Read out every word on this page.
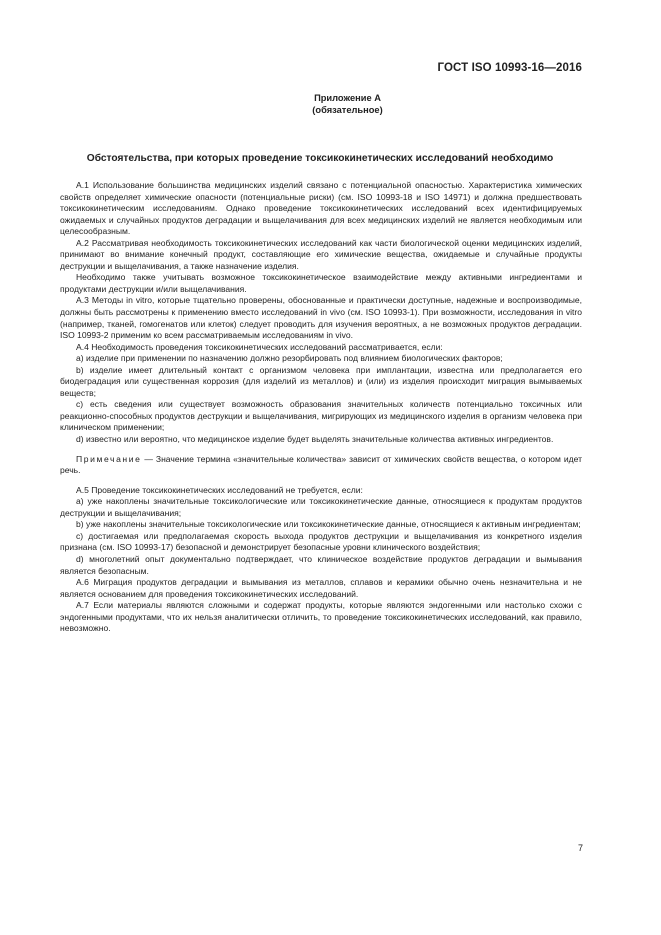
ГОСТ ISO 10993-16—2016
Приложение А
(обязательное)
Обстоятельства, при которых проведение токсикокинетических исследований необходимо

А.1 Использование большинства медицинских изделий связано с потенциальной опасностью. Характеристика химических свойств определяет химические опасности (потенциальные риски) (см. ISO 10993-18 и ISO 14971) и должна предшествовать токсикокинетическим исследованиям. Однако проведение токсикокинетических исследований всех идентифицируемых ожидаемых и случайных продуктов деградации и выщелачивания для всех медицинских изделий не является необходимым или целесообразным.

А.2 Рассматривая необходимость токсикокинетических исследований как части биологической оценки медицинских изделий, принимают во внимание конечный продукт, составляющие его химические вещества, ожидаемые и случайные продукты деструкции и выщелачивания, а также назначение изделия.

Необходимо также учитывать возможное токсикокинетическое взаимодействие между активными ингредиентами и продуктами деструкции и/или выщелачивания.

А.3 Методы in vitro, которые тщательно проверены, обоснованные и практически доступные, надежные и воспроизводимые, должны быть рассмотрены к применению вместо исследований in vivo (см. ISO 10993-1). При возможности, исследования in vitro (например, тканей, гомогенатов или клеток) следует проводить для изучения вероятных, а не возможных продуктов деградации. ISO 10993-2 применим ко всем рассматриваемым исследованиям in vivo.

А.4 Необходимость проведения токсикокинетических исследований рассматривается, если:

a) изделие при применении по назначению должно резорбировать под влиянием биологических факторов;

b) изделие имеет длительный контакт с организмом человека при имплантации, известна или предполагается его биодеградация или существенная коррозия (для изделий из металлов) и (или) из изделия происходит миграция вымываемых веществ;

c) есть сведения или существует возможность образования значительных количеств потенциально токсичных или реакционно-способных продуктов деструкции и выщелачивания, мигрирующих из медицинского изделия в организм человека при клиническом применении;

d) известно или вероятно, что медицинское изделие будет выделять значительные количества активных ингредиентов.

Примечание — Значение термина «значительные количества» зависит от химических свойств вещества, о котором идет речь.

А.5 Проведение токсикокинетических исследований не требуется, если:

a) уже накоплены значительные токсикологические или токсикокинетические данные, относящиеся к продуктам продуктов деструкции и выщелачивания;

b) уже накоплены значительные токсикологические или токсикокинетические данные, относящиеся к активным ингредиентам;

c) достигаемая или предполагаемая скорость выхода продуктов деструкции и выщелачивания из конкретного изделия признана (см. ISO 10993-17) безопасной и демонстрирует безопасные уровни клинического воздействия;

d) многолетний опыт документально подтверждает, что клиническое воздействие продуктов деградации и вымывания является безопасным.

А.6 Миграция продуктов деградации и вымывания из металлов, сплавов и керамики обычно очень незначительна и не является основанием для проведения токсикокинетических исследований.

А.7 Если материалы являются сложными и содержат продукты, которые являются эндогенными или настолько схожи с эндогенными продуктами, что их нельзя аналитически отличить, то проведение токсикокинетических исследований, как правило, невозможно.

7
